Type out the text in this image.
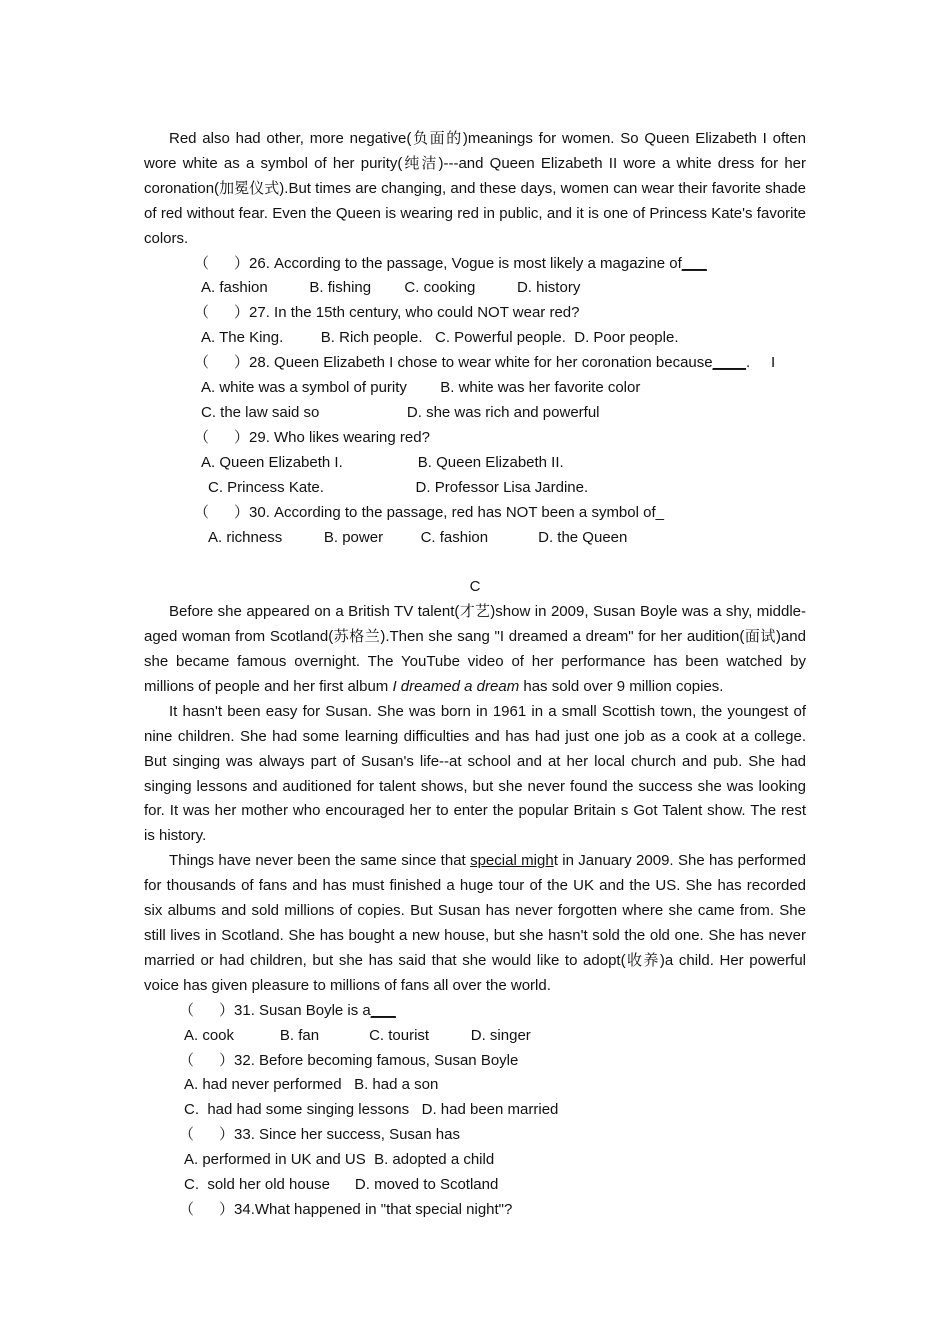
Red also had other, more negative(负面的)meanings for women. So Queen Elizabeth I often wore white as a symbol of her purity(纯洁)---and Queen Elizabeth II wore a white dress for her coronation(加冕仪式).But times are changing, and these days, women can wear their favorite shade of red without fear. Even the Queen is wearing red in public, and it is one of Princess Kate's favorite colors.

（      ）26. According to the passage, Vogue is most likely a magazine of___

A. fashion          B. fishing        C. cooking          D. history

（      ）27. In the 15th century, who could NOT wear red?

A. The King.         B. Rich people.   C. Powerful people.  D. Poor people.

（      ）28. Queen Elizabeth I chose to wear white for her coronation because____.     I

A. white was a symbol of purity        B. white was her favorite color

C. the law said so                     D. she was rich and powerful

（      ）29. Who likes wearing red?

A. Queen Elizabeth I.                  B. Queen Elizabeth II.

C. Princess Kate.                      D. Professor Lisa Jardine.

（      ）30. According to the passage, red has NOT been a symbol of_

A. richness          B. power         C. fashion            D. the Queen

C

Before she appeared on a British TV talent(才艺)show in 2009, Susan Boyle was a shy, middle-aged woman from Scotland(苏格兰).Then she sang "I dreamed a dream" for her audition(面试)and she became famous overnight. The YouTube video of her performance has been watched by millions of people and her first album I dreamed a dream has sold over 9 million copies.

It hasn't been easy for Susan. She was born in 1961 in a small Scottish town, the youngest of nine children. She had some learning difficulties and has had just one job as a cook at a college. But singing was always part of Susan's life--at school and at her local church and pub. She had singing lessons and auditioned for talent shows, but she never found the success she was looking for. It was her mother who encouraged her to enter the popular Britain s Got Talent show. The rest is history.

Things have never been the same since that special might in January 2009. She has performed for thousands of fans and has must finished a huge tour of the UK and the US. She has recorded six albums and sold millions of copies. But Susan has never forgotten where she came from. She still lives in Scotland. She has bought a new house, but she hasn't sold the old one. She has never married or had children, but she has said that she would like to adopt(收养)a child. Her powerful voice has given pleasure to millions of fans all over the world.

（      ）31. Susan Boyle is a___

A. cook           B. fan            C. tourist          D. singer

（      ）32. Before becoming famous, Susan Boyle

A. had never performed   B. had a son

C.  had had some singing lessons   D. had been married

（      ）33. Since her success, Susan has

A. performed in UK and US  B. adopted a child

C.  sold her old house      D. moved to Scotland

（      ）34.What happened in "that special night"?
